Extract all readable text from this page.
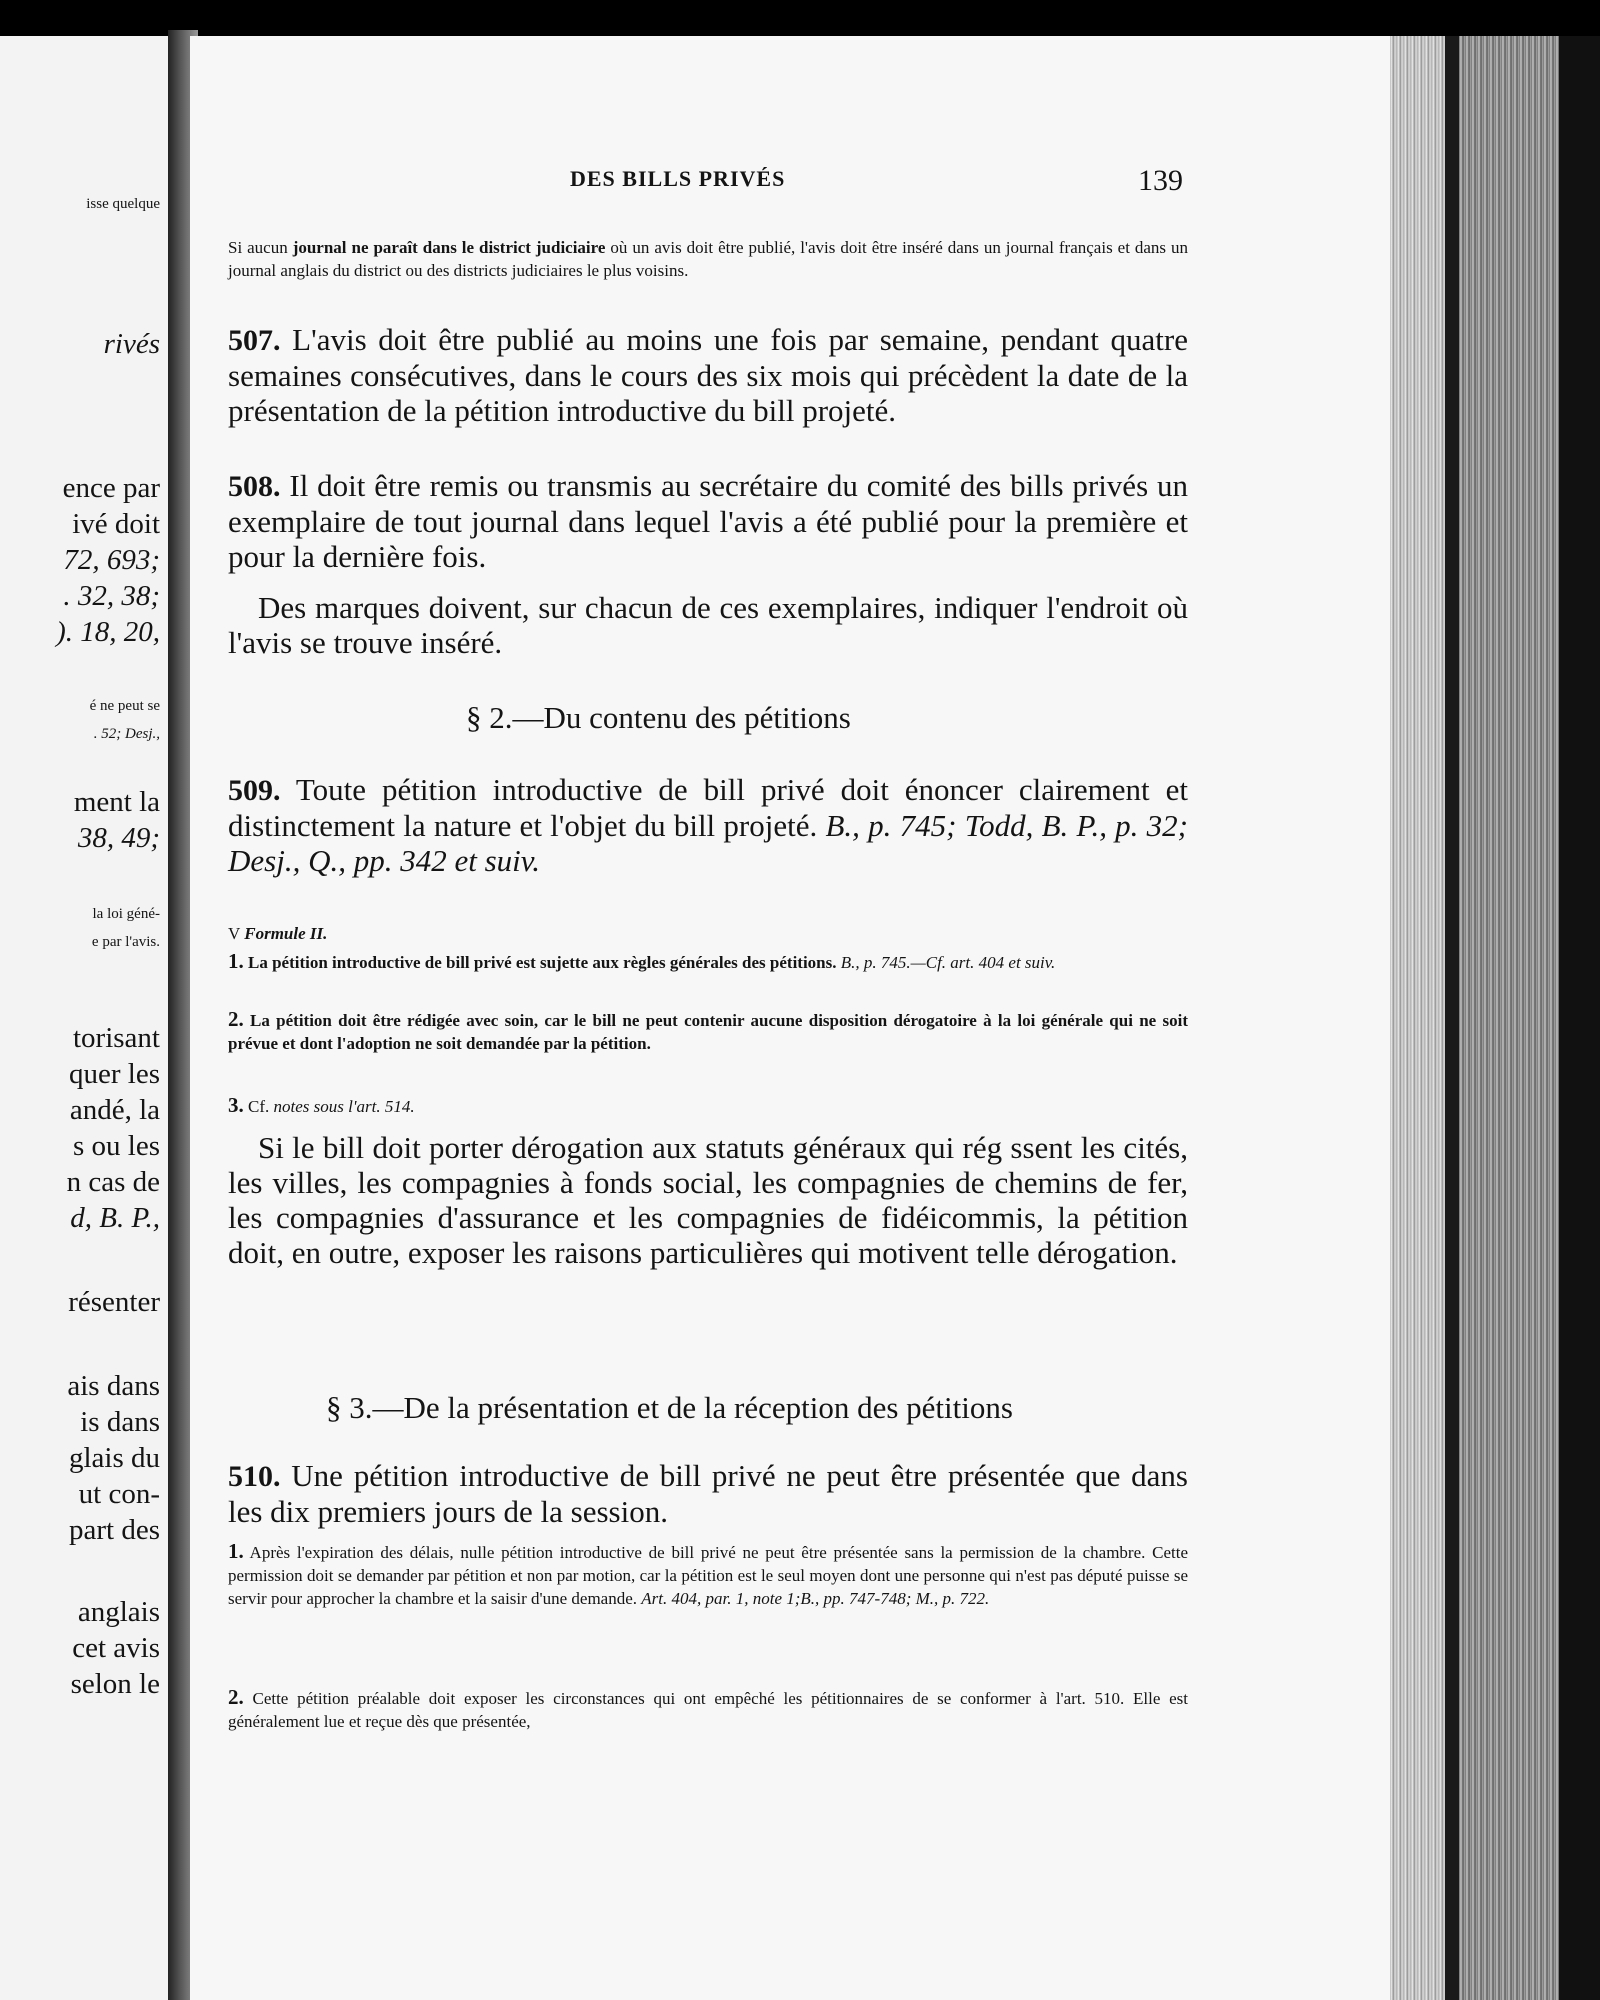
isse quelque
rivés
ence par
ivé doit
72, 693;
. 32, 38;
). 18, 20,
é ne peut se
. 52; Desj.,
ment la
38, 49;
la loi géné-
e par l'avis.
torisant
quer les
andé, la
s ou les
n cas de
d, B. P.,
résenter
ais dans
is dans
glais du
ut con-
part des
anglais
cet avis
selon le
DES BILLS PRIVÉS	139
Si aucun journal ne paraît dans le district judiciaire où un avis doit être publié, l'avis doit être inséré dans un journal français et dans un journal anglais du district ou des districts judiciaires le plus voisins.
507. L'avis doit être publié au moins une fois par semaine, pendant quatre semaines consécutives, dans le cours des six mois qui précèdent la date de la présentation de la pétition introductive du bill projeté.
508. Il doit être remis ou transmis au secrétaire du comité des bills privés un exemplaire de tout journal dans lequel l'avis a été publié pour la première et pour la dernière fois.
Des marques doivent, sur chacun de ces exemplaires, indiquer l'endroit où l'avis se trouve inséré.
§ 2.—Du contenu des pétitions
509. Toute pétition introductive de bill privé doit énoncer clairement et distinctement la nature et l'objet du bill projeté. B., p. 745; Todd, B. P., p. 32; Desj., Q., pp. 342 et suiv.
V Formule II.
1. La pétition introductive de bill privé est sujette aux règles générales des pétitions. B., p. 745.—Cf. art. 404 et suiv.
2. La pétition doit être rédigée avec soin, car le bill ne peut contenir aucune disposition dérogatoire à la loi générale qui ne soit prévue et dont l'adoption ne soit demandée par la pétition.
3. Cf. notes sous l'art. 514.
Si le bill doit porter dérogation aux statuts généraux qui rég ssent les cités, les villes, les compagnies à fonds social, les compagnies de chemins de fer, les compagnies d'assurance et les compagnies de fidéicommis, la pétition doit, en outre, exposer les raisons particulières qui motivent telle dérogation.
§ 3.—De la présentation et de la réception des pétitions
510. Une pétition introductive de bill privé ne peut être présentée que dans les dix premiers jours de la session.
1. Après l'expiration des délais, nulle pétition introductive de bill privé ne peut être présentée sans la permission de la chambre. Cette permission doit se demander par pétition et non par motion, car la pétition est le seul moyen dont une personne qui n'est pas député puisse se servir pour approcher la chambre et la saisir d'une demande. Art. 404, par. 1, note 1;B., pp. 747-748; M., p. 722.
2. Cette pétition préalable doit exposer les circonstances qui ont empêché les pétitionnaires de se conformer à l'art. 510. Elle est généralement lue et reçue dès que présentée,
